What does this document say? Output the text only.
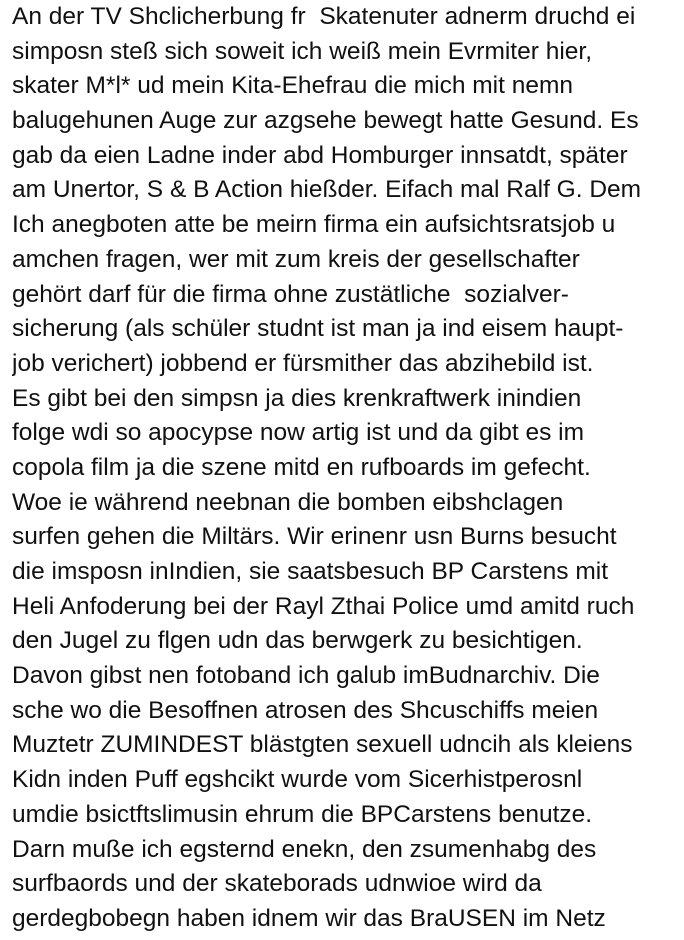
An der TV Shclicherbung fr  Skatenuter adnerm druchd ei
simposn steß sich soweit ich weiß mein Evrmiter hier,
skater M*l* ud mein Kita-Ehefrau die mich mit nemn
balugehunen Auge zur azgsehe bewegt hatte Gesund. Es
gab da eien Ladne inder abd Homburger innsatdt, später
am Unertor, S & B Action hießder. Eifach mal Ralf G. Dem
Ich anegboten atte be meirn firma ein aufsichtsratsjob u
amchen fragen, wer mit zum kreis der gesellschafter
gehört darf für die firma ohne zustätliche  sozialver-
sicherung (als schüler studnt ist man ja ind eisem haupt-
job verichert) jobbend er fürsmither das abzihebild ist.
Es gibt bei den simpsn ja dies krenkraftwerk inindien
folge wdi so apocypse now artig ist und da gibt es im
copola film ja die szene mitd en rufboards im gefecht.
Woe ie während neebnan die bomben eibshclagen
surfen gehen die Miltärs. Wir erinenr usn Burns besucht
die imsposn inIndien, sie saatsbesuch BP Carstens mit
Heli Anfoderung bei der Rayl Zthai Police umd amitd ruch
den Jugel zu flgen udn das berwgerk zu besichtigen.
Davon gibst nen fotoband ich galub imBudnarchiv. Die
sche wo die Besoffnen atrosen des Shcuschiffs meien
Muztetr ZUMINDEST blästgten sexuell udncih als kleiens
Kidn inden Puff egshcikt wurde vom Sicerhistperosnl
umdie bsictftslimusin ehrum die BPCarstens benutze.
Darn muße ich egsternd enekn, den zsumenhabg des
surfbaords und der skateborads udnwioe wird da
gerdegbobegn haben idnem wir das BraUSEN im Netz
